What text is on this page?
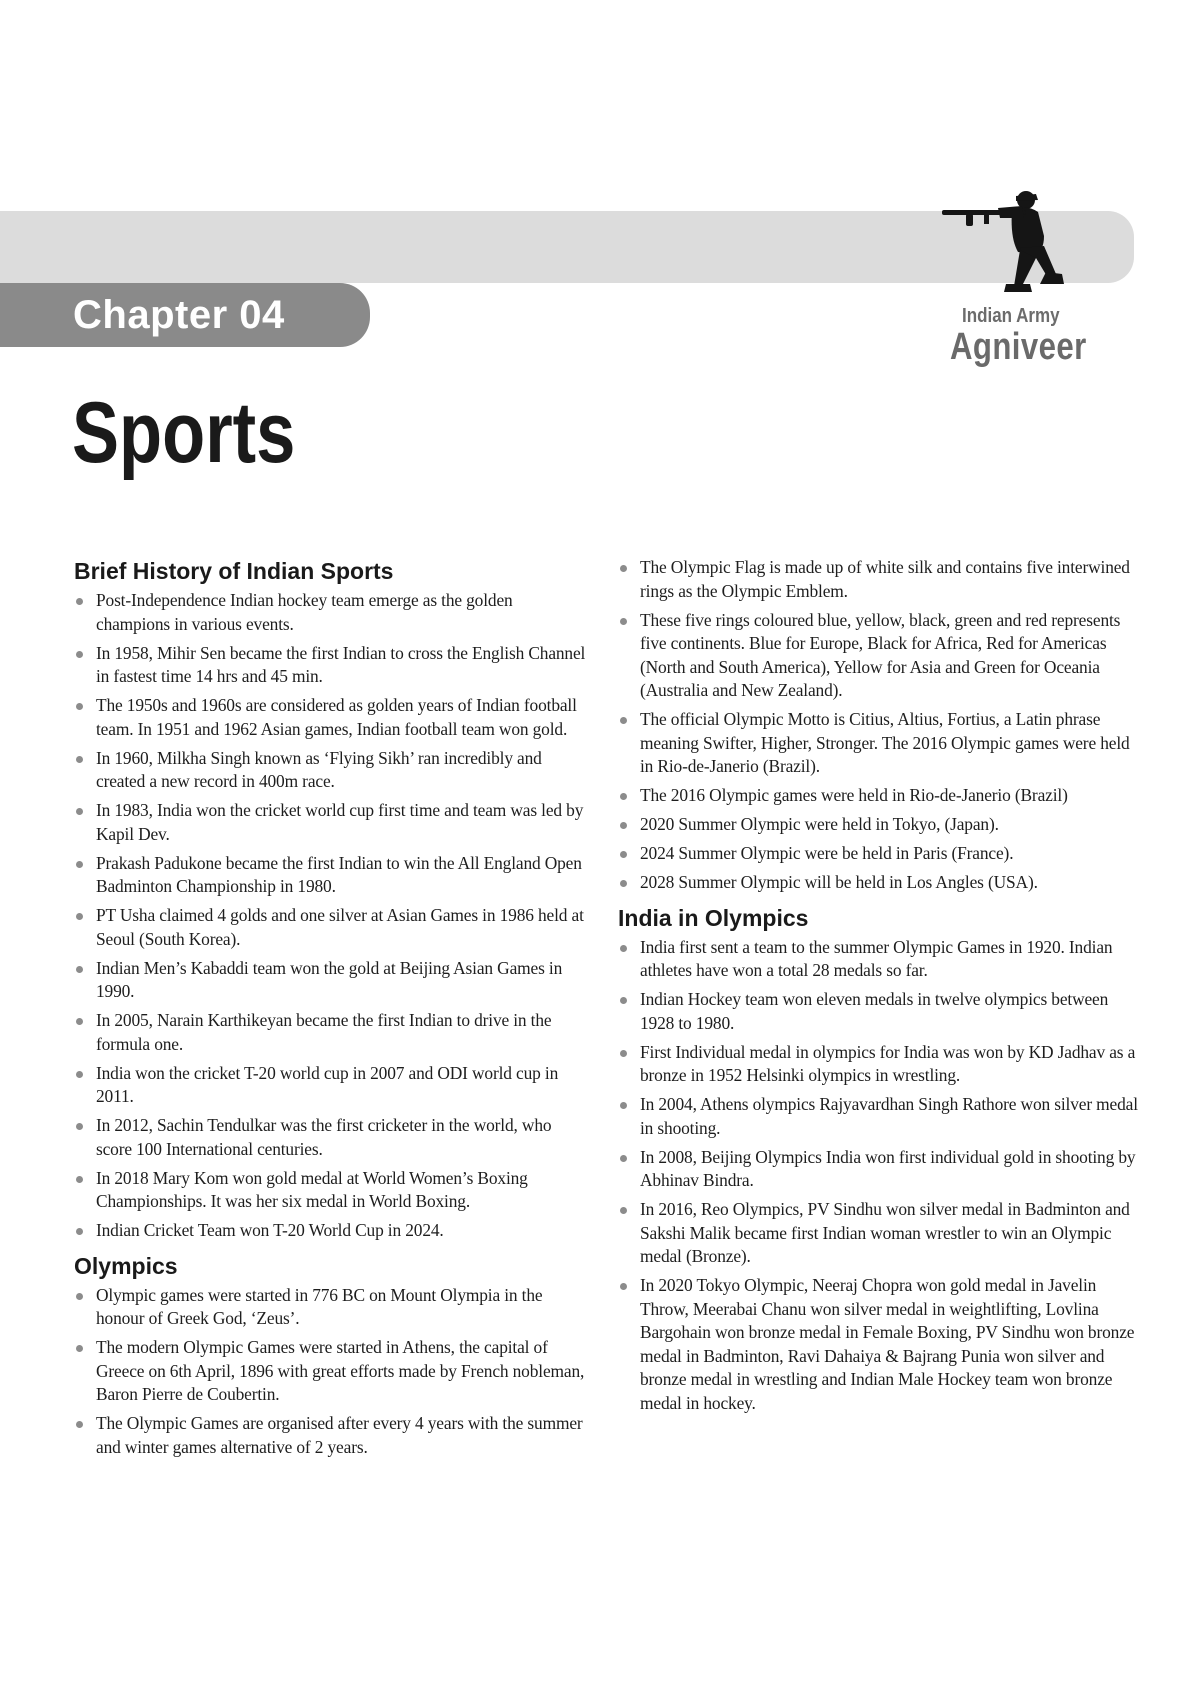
Chapter 04	Indian Army
Agniveer
Sports
Brief History of Indian Sports
Post-Independence Indian hockey team emerge as the golden champions in various events.
In 1958, Mihir Sen became the first Indian to cross the English Channel in fastest time 14 hrs and 45 min.
The 1950s and 1960s are considered as golden years of Indian football team. In 1951 and 1962 Asian games, Indian football team won gold.
In 1960, Milkha Singh known as ‘Flying Sikh’ ran incredibly and created a new record in 400m race.
In 1983, India won the cricket world cup first time and team was led by Kapil Dev.
Prakash Padukone became the first Indian to win the All England Open Badminton Championship in 1980.
PT Usha claimed 4 golds and one silver at Asian Games in 1986 held at Seoul (South Korea).
Indian Men’s Kabaddi team won the gold at Beijing Asian Games in 1990.
In 2005, Narain Karthikeyan became the first Indian to drive in the formula one.
India won the cricket T-20 world cup in 2007 and ODI world cup in 2011.
In 2012, Sachin Tendulkar was the first cricketer in the world, who score 100 International centuries.
In 2018 Mary Kom won gold medal at World Women’s Boxing Championships. It was her six medal in World Boxing.
Indian Cricket Team won T-20 World Cup in 2024.
Olympics
Olympic games were started in 776 BC on Mount Olympia in the honour of Greek God, ‘Zeus’.
The modern Olympic Games were started in Athens, the capital of Greece on 6th April, 1896 with great efforts made by French nobleman, Baron Pierre de Coubertin.
The Olympic Games are organised after every 4 years with the summer and winter games alternative of 2 years.
The Olympic Flag is made up of white silk and contains five interwined rings as the Olympic Emblem.
These five rings coloured blue, yellow, black, green and red represents five continents. Blue for Europe, Black for Africa, Red for Americas (North and South America), Yellow for Asia and Green for Oceania (Australia and New Zealand).
The official Olympic Motto is Citius, Altius, Fortius, a Latin phrase meaning Swifter, Higher, Stronger. The 2016 Olympic games were held in Rio-de-Janerio (Brazil).
The 2016 Olympic games were held in Rio-de-Janerio (Brazil)
2020 Summer Olympic were held in Tokyo, (Japan).
2024 Summer Olympic were be held in Paris (France).
2028 Summer Olympic will be held in Los Angles (USA).
India in Olympics
India first sent a team to the summer Olympic Games in 1920. Indian athletes have won a total 28 medals so far.
Indian Hockey team won eleven medals in twelve olympics between 1928 to 1980.
First Individual medal in olympics for India was won by KD Jadhav as a bronze in 1952 Helsinki olympics in wrestling.
In 2004, Athens olympics Rajyavardhan Singh Rathore won silver medal in shooting.
In 2008, Beijing Olympics India won first individual gold in shooting by Abhinav Bindra.
In 2016, Reo Olympics, PV Sindhu won silver medal in Badminton and Sakshi Malik became first Indian woman wrestler to win an Olympic medal (Bronze).
In 2020 Tokyo Olympic, Neeraj Chopra won gold medal in Javelin Throw, Meerabai Chanu won silver medal in weightlifting, Lovlina Bargohain won bronze medal in Female Boxing, PV Sindhu won bronze medal in Badminton, Ravi Dahaiya & Bajrang Punia won silver and bronze medal in wrestling and Indian Male Hockey team won bronze medal in hockey.
